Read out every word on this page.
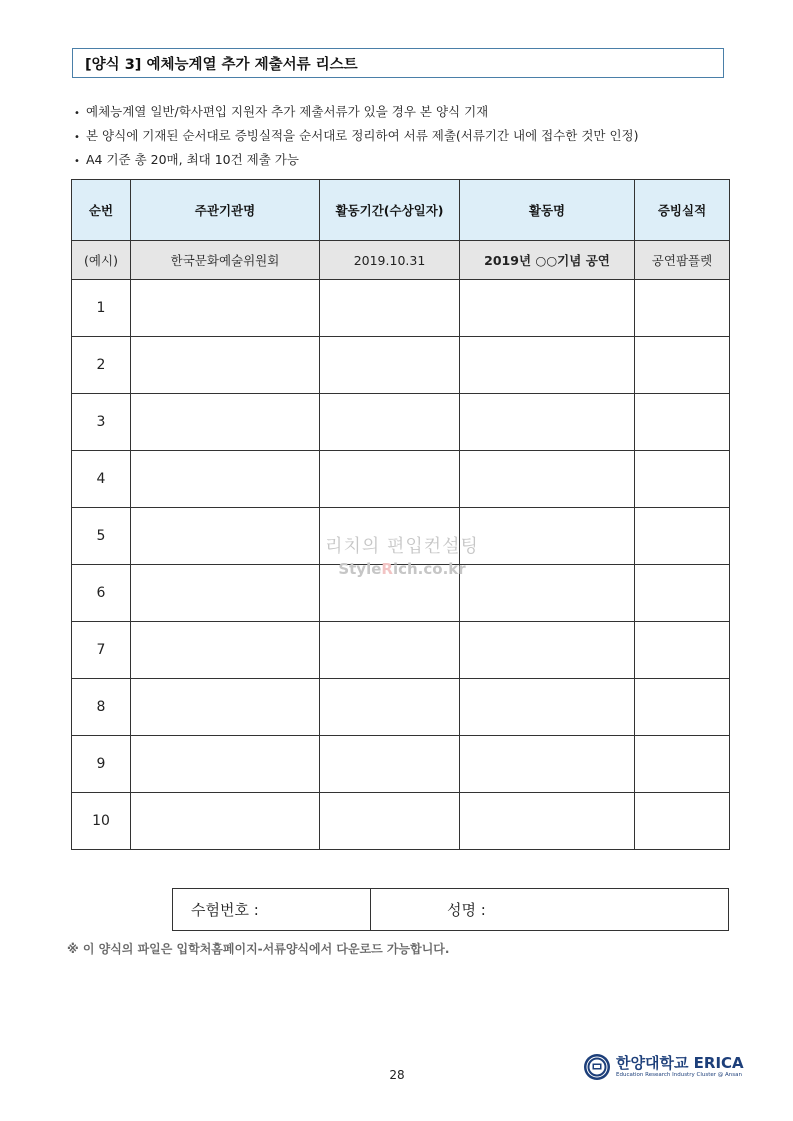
[양식 3] 예체능계열 추가 제출서류 리스트
• 예체능계열 일반/학사편입 지원자 추가 제출서류가 있을 경우 본 양식 기재
• 본 양식에 기재된 순서대로 증빙실적을 순서대로 정리하여 서류 제출(서류기간 내에 접수한 것만 인정)
• A4 기준 총 20매, 최대 10건 제출 가능
순번	주관기관명	활동기간(수상일자)	활동명	증빙실적
(예시)	한국문화예술위원회	2019.10.31	2019년 ○○기념 공연	공연팜플렛
1				
2				
3				
4				
5				
6				
7				
8				
9				
10				
리치의 편입컨설팅
StyleRich.co.kr
수험번호 :	성명 :
※ 이 양식의 파일은 입학처홈페이지-서류양식에서 다운로드 가능합니다.
28
한양대학교 ERICA
Education Research Industry Cluster @ Ansan
